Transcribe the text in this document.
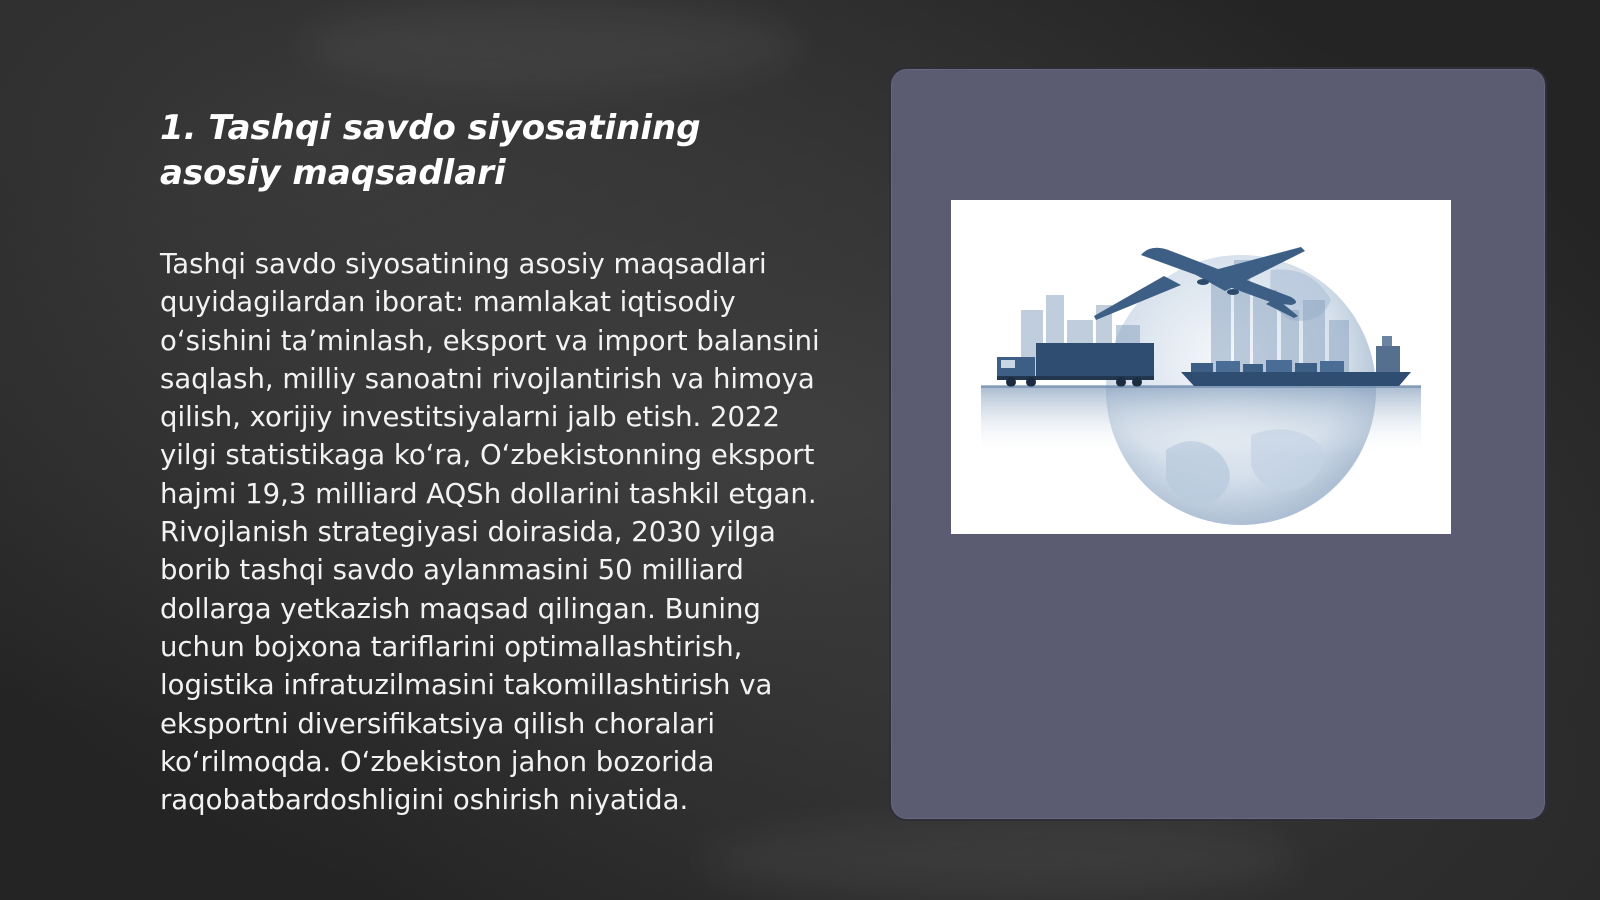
1. Tashqi savdo siyosatining asosiy maqsadlari

Tashqi savdo siyosatining asosiy maqsadlari quyidagilardan iborat: mamlakat iqtisodiy oʻsishini taʼminlash, eksport va import balansini saqlash, milliy sanoatni rivojlantirish va himoya qilish, xorijiy investitsiyalarni jalb etish. 2022 yilgi statistikaga koʻra, Oʻzbekistonning eksport hajmi 19,3 milliard AQSh dollarini tashkil etgan. Rivojlanish strategiyasi doirasida, 2030 yilga borib tashqi savdo aylanmasini 50 milliard dollarga yetkazish maqsad qilingan. Buning uchun bojxona tariflarini optimallashtirish, logistika infratuzilmasini takomillashtirish va eksportni diversifikatsiya qilish choralari koʻrilmoqda. Oʻzbekiston jahon bozorida raqobatbardoshligini oshirish niyatida.
